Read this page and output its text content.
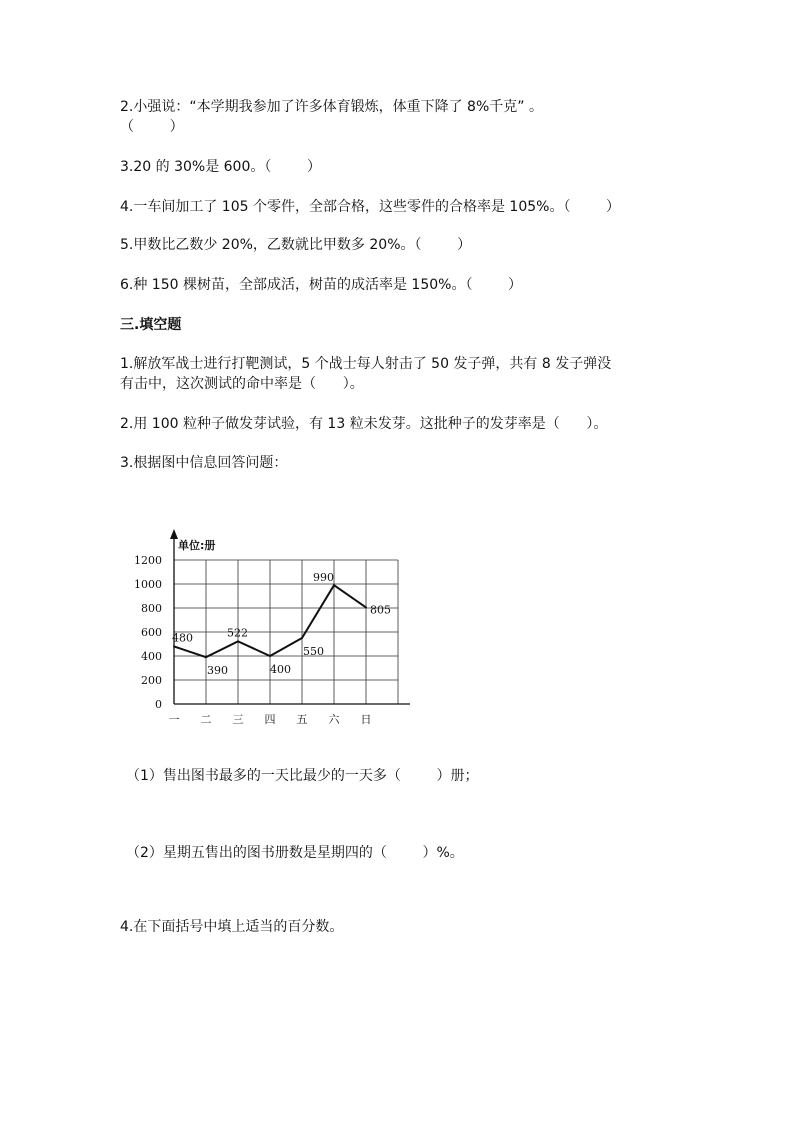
2.小强说：“本学期我参加了许多体育锻炼，体重下降了 8%千克” 。
（        ）
3.20 的 30%是 600。（        ）
4.一车间加工了 105 个零件，全部合格，这些零件的合格率是 105%。（        ）
5.甲数比乙数少 20%，乙数就比甲数多 20%。（        ）
6.种 150 棵树苗，全部成活，树苗的成活率是 150%。（        ）
三.填空题
1.解放军战士进行打靶测试，5 个战士每人射击了 50 发子弹，共有 8 发子弹没
有击中，这次测试的命中率是（      ）。
2.用 100 粒种子做发芽试验，有 13 粒未发芽。这批种子的发芽率是（      ）。
3.根据图中信息回答问题：
0
200
400
600
800
1000
1200
一 二 三 四 五 六 日
480
390
522
400
550
990
805
单位:册
（1）售出图书最多的一天比最少的一天多（        ）册；
（2）星期五售出的图书册数是星期四的（        ）%。
4.在下面括号中填上适当的百分数。
